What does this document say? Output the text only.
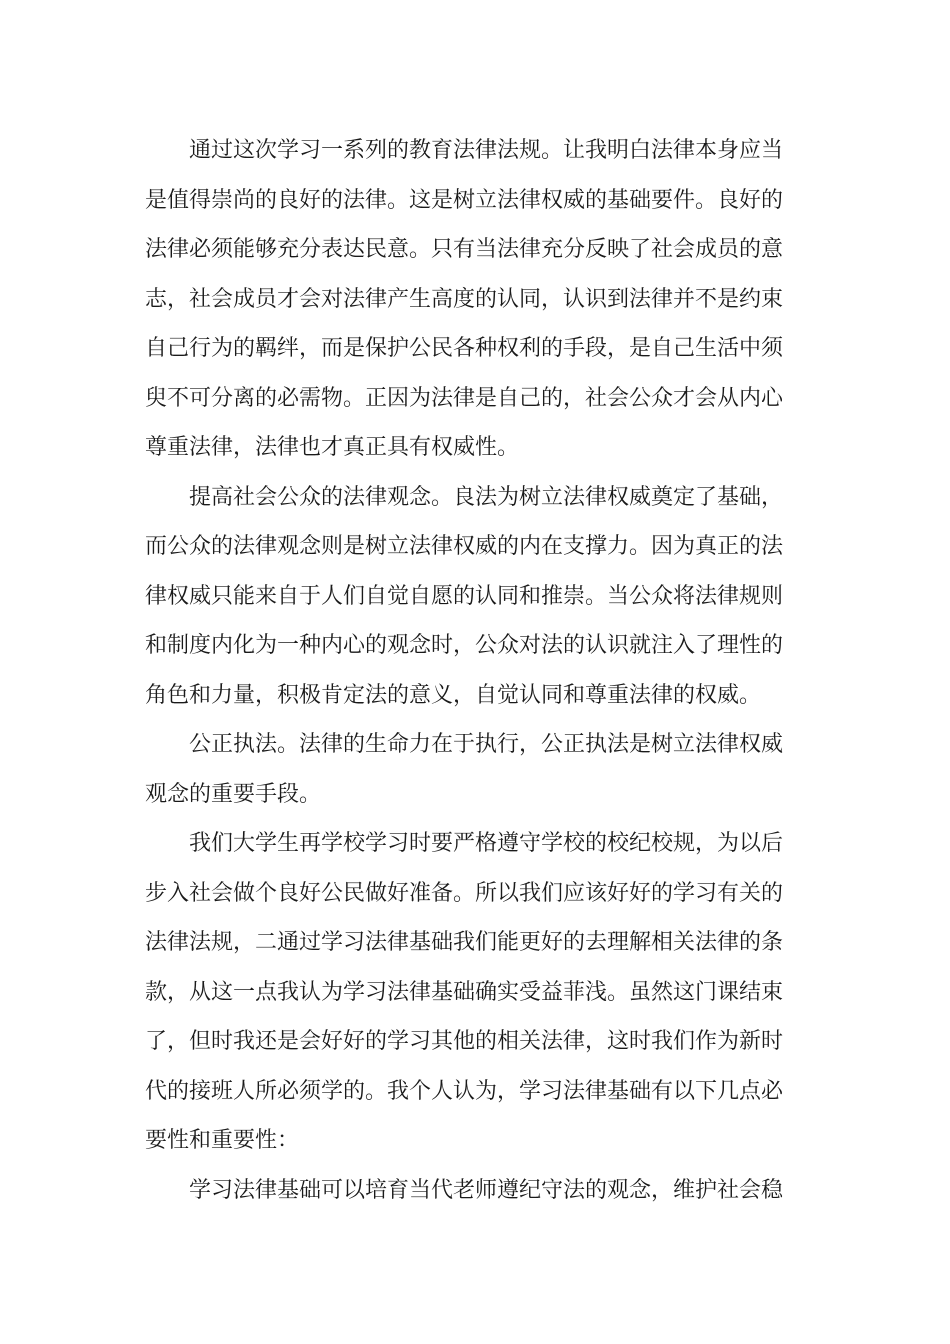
通过这次学习一系列的教育法律法规。让我明白法律本身应当
是值得崇尚的良好的法律。这是树立法律权威的基础要件。良好的
法律必须能够充分表达民意。只有当法律充分反映了社会成员的意
志，社会成员才会对法律产生高度的认同，认识到法律并不是约束
自己行为的羁绊，而是保护公民各种权利的手段，是自己生活中须
臾不可分离的必需物。正因为法律是自己的，社会公众才会从内心
尊重法律，法律也才真正具有权威性。

提高社会公众的法律观念。良法为树立法律权威奠定了基础，
而公众的法律观念则是树立法律权威的内在支撑力。因为真正的法
律权威只能来自于人们自觉自愿的认同和推崇。当公众将法律规则
和制度内化为一种内心的观念时，公众对法的认识就注入了理性的
角色和力量，积极肯定法的意义，自觉认同和尊重法律的权威。

公正执法。法律的生命力在于执行，公正执法是树立法律权威
观念的重要手段。

我们大学生再学校学习时要严格遵守学校的校纪校规，为以后
步入社会做个良好公民做好准备。所以我们应该好好的学习有关的
法律法规，二通过学习法律基础我们能更好的去理解相关法律的条
款，从这一点我认为学习法律基础确实受益菲浅。虽然这门课结束
了，但时我还是会好好的学习其他的相关法律，这时我们作为新时
代的接班人所必须学的。我个人认为，学习法律基础有以下几点必
要性和重要性：

学习法律基础可以培育当代老师遵纪守法的观念，维护社会稳
